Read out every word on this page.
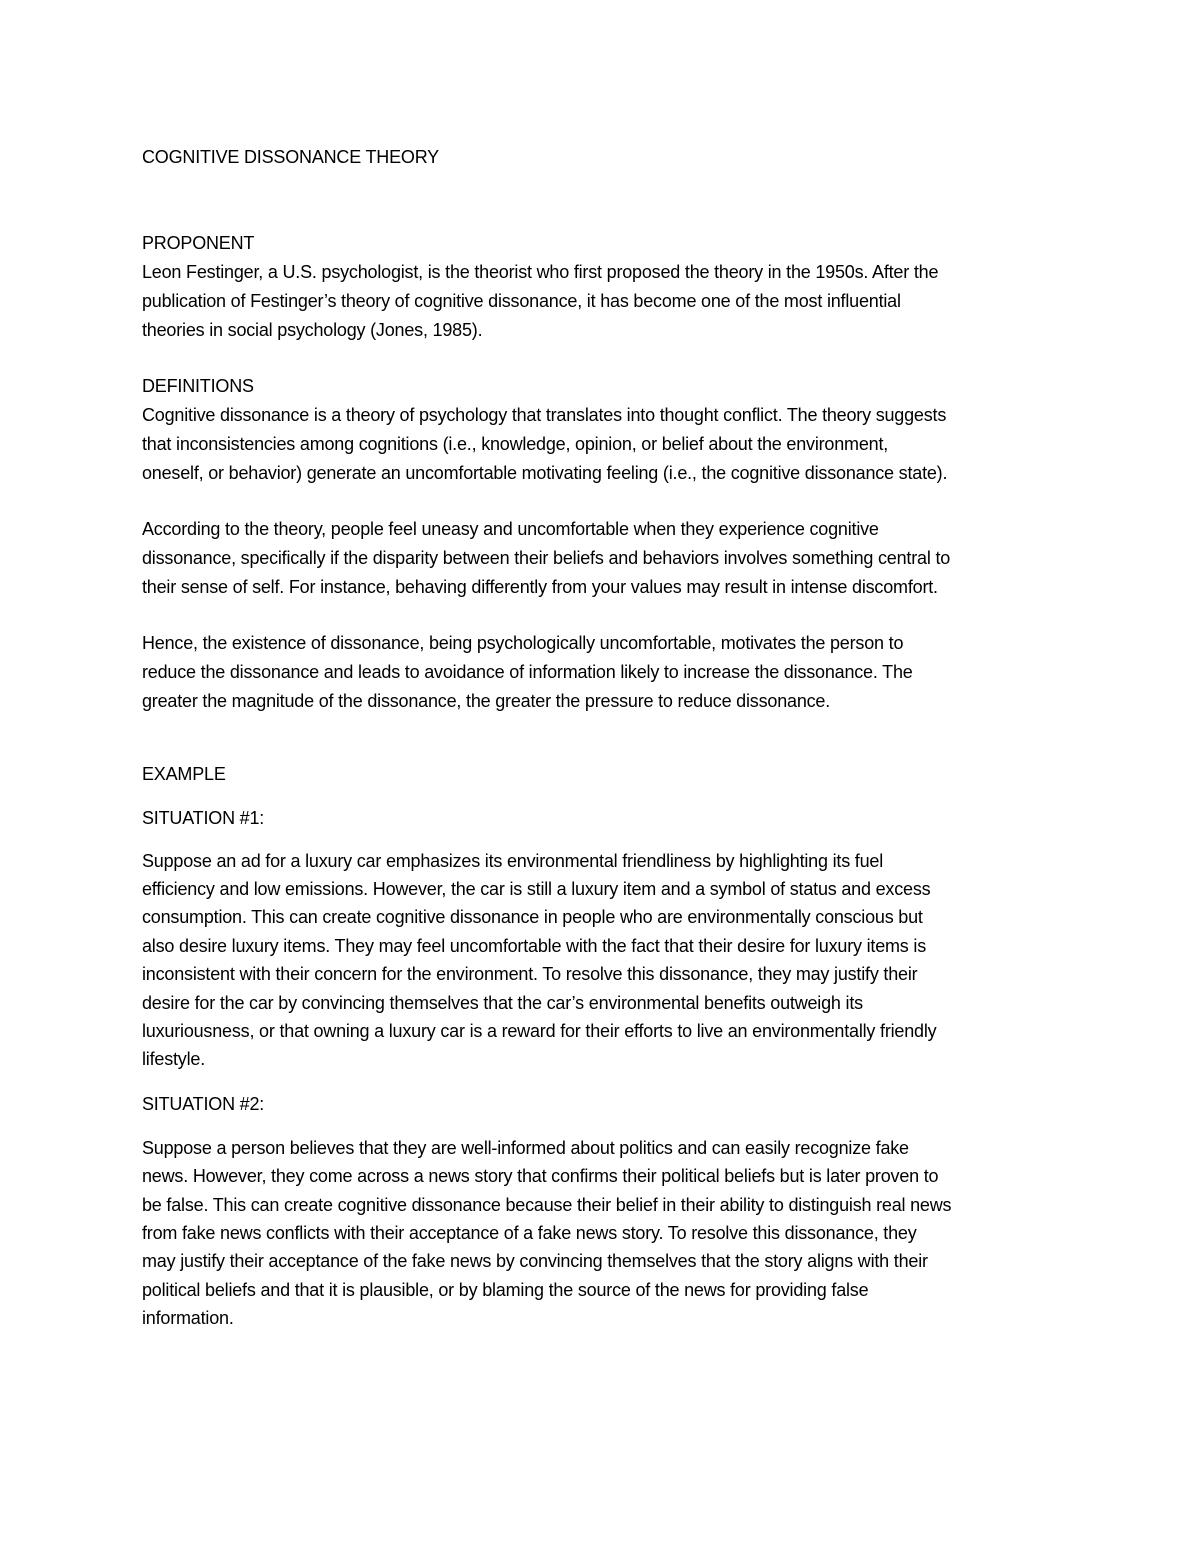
COGNITIVE DISSONANCE THEORY
PROPONENT
Leon Festinger, a U.S. psychologist, is the theorist who first proposed the theory in the 1950s. After the
publication of Festinger’s theory of cognitive dissonance, it has become one of the most influential
theories in social psychology (Jones, 1985).
DEFINITIONS
Cognitive dissonance is a theory of psychology that translates into thought conflict. The theory suggests
that inconsistencies among cognitions (i.e., knowledge, opinion, or belief about the environment,
oneself, or behavior) generate an uncomfortable motivating feeling (i.e., the cognitive dissonance state).
According to the theory, people feel uneasy and uncomfortable when they experience cognitive
dissonance, specifically if the disparity between their beliefs and behaviors involves something central to
their sense of self. For instance, behaving differently from your values may result in intense discomfort.
Hence, the existence of dissonance, being psychologically uncomfortable, motivates the person to
reduce the dissonance and leads to avoidance of information likely to increase the dissonance. The
greater the magnitude of the dissonance, the greater the pressure to reduce dissonance.
EXAMPLE
SITUATION #1:
Suppose an ad for a luxury car emphasizes its environmental friendliness by highlighting its fuel
efficiency and low emissions. However, the car is still a luxury item and a symbol of status and excess
consumption. This can create cognitive dissonance in people who are environmentally conscious but
also desire luxury items. They may feel uncomfortable with the fact that their desire for luxury items is
inconsistent with their concern for the environment. To resolve this dissonance, they may justify their
desire for the car by convincing themselves that the car’s environmental benefits outweigh its
luxuriousness, or that owning a luxury car is a reward for their efforts to live an environmentally friendly
lifestyle.
SITUATION #2:
Suppose a person believes that they are well-informed about politics and can easily recognize fake
news. However, they come across a news story that confirms their political beliefs but is later proven to
be false. This can create cognitive dissonance because their belief in their ability to distinguish real news
from fake news conflicts with their acceptance of a fake news story. To resolve this dissonance, they
may justify their acceptance of the fake news by convincing themselves that the story aligns with their
political beliefs and that it is plausible, or by blaming the source of the news for providing false
information.
